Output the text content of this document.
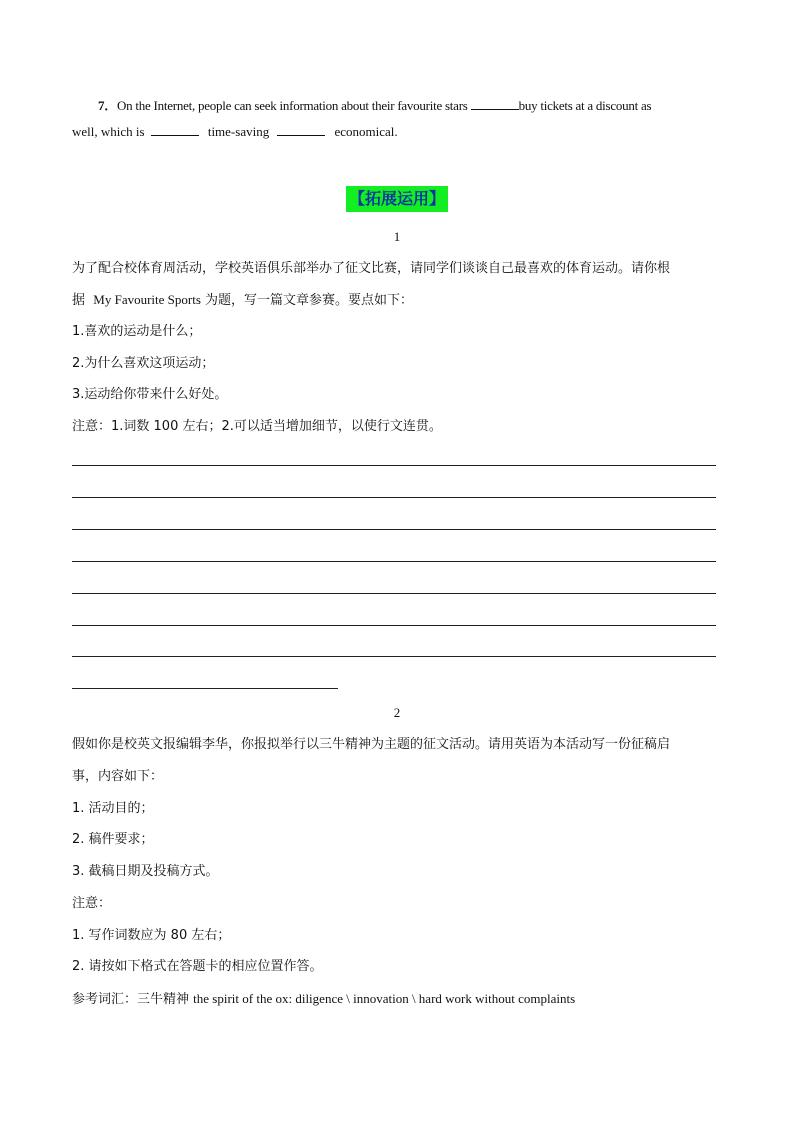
7．On the Internet, people can seek information about their favourite stars	buy tickets at a discount as
well, which is	time-saving	economical.
【拓展运用】
1
为了配合校体育周活动，学校英语俱乐部举办了征文比赛，请同学们谈谈自己最喜欢的体育运动。请你根
据 My Favourite Sports 为题，写一篇文章参赛。要点如下：
1.喜欢的运动是什么；
2.为什么喜欢这项运动；
3.运动给你带来什么好处。
注意：1.词数 100 左右；2.可以适当增加细节，以使行文连贯。
2
假如你是校英文报编辑李华，你报拟举行以三牛精神为主题的征文活动。请用英语为本活动写一份征稿启
事，内容如下：
1. 活动目的；
2. 稿件要求；
3. 截稿日期及投稿方式。
注意：
1. 写作词数应为 80 左右；
2. 请按如下格式在答题卡的相应位置作答。
参考词汇：三牛精神 the spirit of the ox: diligence \ innovation \ hard work without complaints
